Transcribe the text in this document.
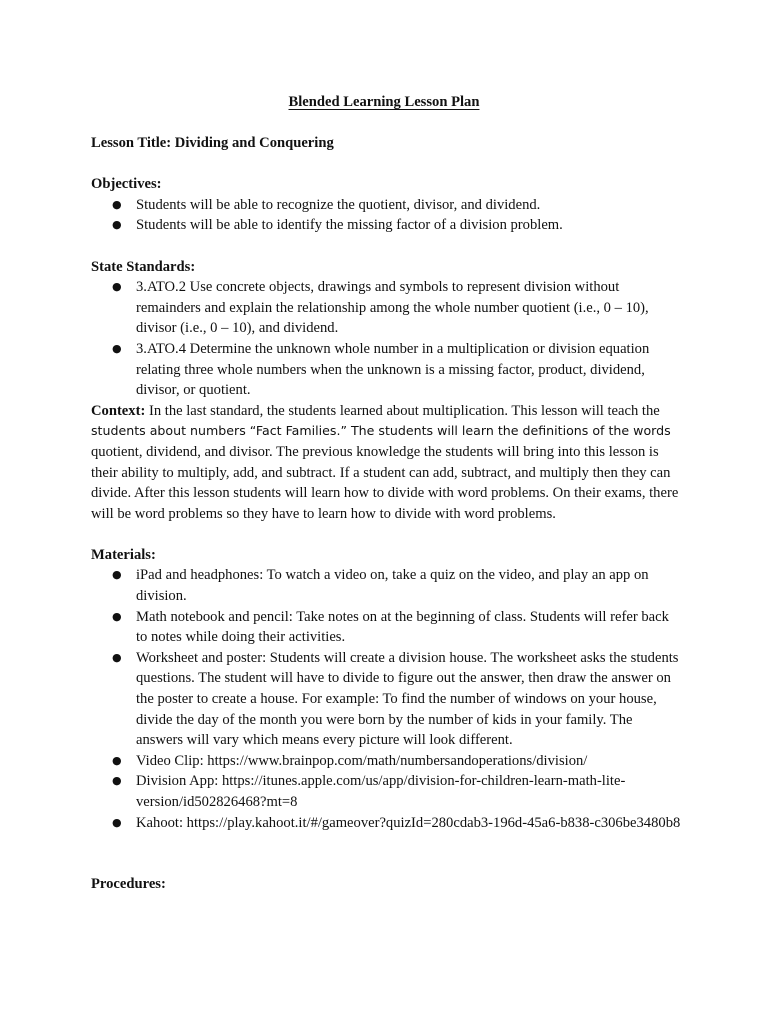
Blended Learning Lesson Plan

Lesson Title: Dividing and Conquering

Objectives:

● Students will be able to recognize the quotient, divisor, and dividend.
● Students will be able to identify the missing factor of a division problem.

State Standards:

● 3.ATO.2 Use concrete objects, drawings and symbols to represent division without remainders and explain the relationship among the whole number quotient (i.e., 0 – 10), divisor (i.e., 0 – 10), and dividend.
● 3.ATO.4 Determine the unknown whole number in a multiplication or division equation relating three whole numbers when the unknown is a missing factor, product, dividend, divisor, or quotient.

Context: In the last standard, the students learned about multiplication. This lesson will teach the students about numbers “Fact Families.” The students will learn the definitions of the words quotient, dividend, and divisor. The previous knowledge the students will bring into this lesson is their ability to multiply, add, and subtract. If a student can add, subtract, and multiply then they can divide. After this lesson students will learn how to divide with word problems. On their exams, there will be word problems so they have to learn how to divide with word problems.

Materials:

● iPad and headphones: To watch a video on, take a quiz on the video, and play an app on division.
● Math notebook and pencil: Take notes on at the beginning of class. Students will refer back to notes while doing their activities.
● Worksheet and poster: Students will create a division house. The worksheet asks the students questions. The student will have to divide to figure out the answer, then draw the answer on the poster to create a house. For example: To find the number of windows on your house, divide the day of the month you were born by the number of kids in your family. The answers will vary which means every picture will look different.
● Video Clip: https://www.brainpop.com/math/numbersandoperations/division/
● Division App: https://itunes.apple.com/us/app/division-for-children-learn-math-lite-version/id502826468?mt=8
● Kahoot: https://play.kahoot.it/#/gameover?quizId=280cdab3-196d-45a6-b838-c306be3480b8

Procedures:
